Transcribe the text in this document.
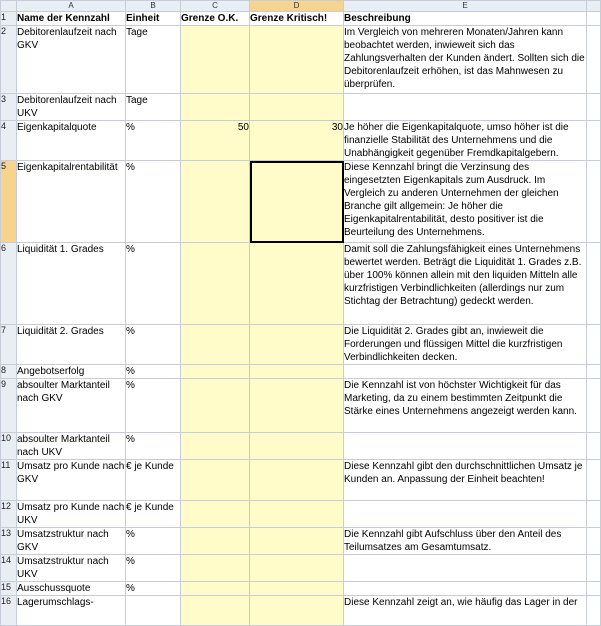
	A	B	C	D	E	
1	Name der Kennzahl	Einheit	Grenze O.K.	Grenze Kritisch!	Beschreibung	

2	Debitorenlaufzeit nach GKV	Tage			Im Vergleich von mehreren Monaten/Jahren kann beobachtet werden, inwieweit sich das Zahlungsverhalten der Kunden ändert. Sollten sich die Debitorenlaufzeit erhöhen, ist das Mahnwesen zu überprüfen.	

3	Debitorenlaufzeit nach UKV	Tage				

4	Eigenkapitalquote	%	50	30	Je höher die Eigenkapitalquote, umso höher ist die finanzielle Stabilität des Unternehmens und die Unabhängigkeit gegenüber Fremdkapitalgebern.	

5	Eigenkapitalrentabilität	%			Diese Kennzahl bringt die Verzinsung des eingesetzten Eigenkapitals zum Ausdruck. Im Vergleich zu anderen Unternehmen der gleichen Branche gilt allgemein: Je höher die Eigenkapitalrentabilität, desto positiver ist die Beurteilung des Unternehmens.	

6	Liquidität 1. Grades	%			Damit soll die Zahlungsfähigkeit eines Unternehmens bewertet werden. Beträgt die Liquidität 1. Grades z.B. über 100% können allein mit den liquiden Mitteln alle kurzfristigen Verbindlichkeiten (allerdings nur zum Stichtag der Betrachtung) gedeckt werden.	

7	Liquidität 2. Grades	%			Die Liquidität 2. Grades gibt an, inwieweit die Forderungen und flüssigen Mittel die kurzfristigen Verbindlichkeiten decken.	

8	Angebotserfolg	%				

9	absoulter Marktanteil nach GKV	%			Die Kennzahl ist von höchster Wichtigkeit für das Marketing, da zu einem bestimmten Zeitpunkt die Stärke eines Unternehmens angezeigt werden kann.	

10	absoulter Marktanteil nach UKV	%				

11	Umsatz pro Kunde nach GKV	€ je Kunde			Diese Kennzahl gibt den durchschnittlichen Umsatz je Kunden an. Anpassung der Einheit beachten!	

12	Umsatz pro Kunde nach UKV	€ je Kunde				

13	Umsatzstruktur nach GKV	%			Die Kennzahl gibt Aufschluss über den Anteil des Teilumsatzes am Gesamtumsatz.	

14	Umsatzstruktur nach UKV	%				

15	Ausschussquote	%				

16	Lagerumschlags-				Diese Kennzahl zeigt an, wie häufig das Lager in der	
